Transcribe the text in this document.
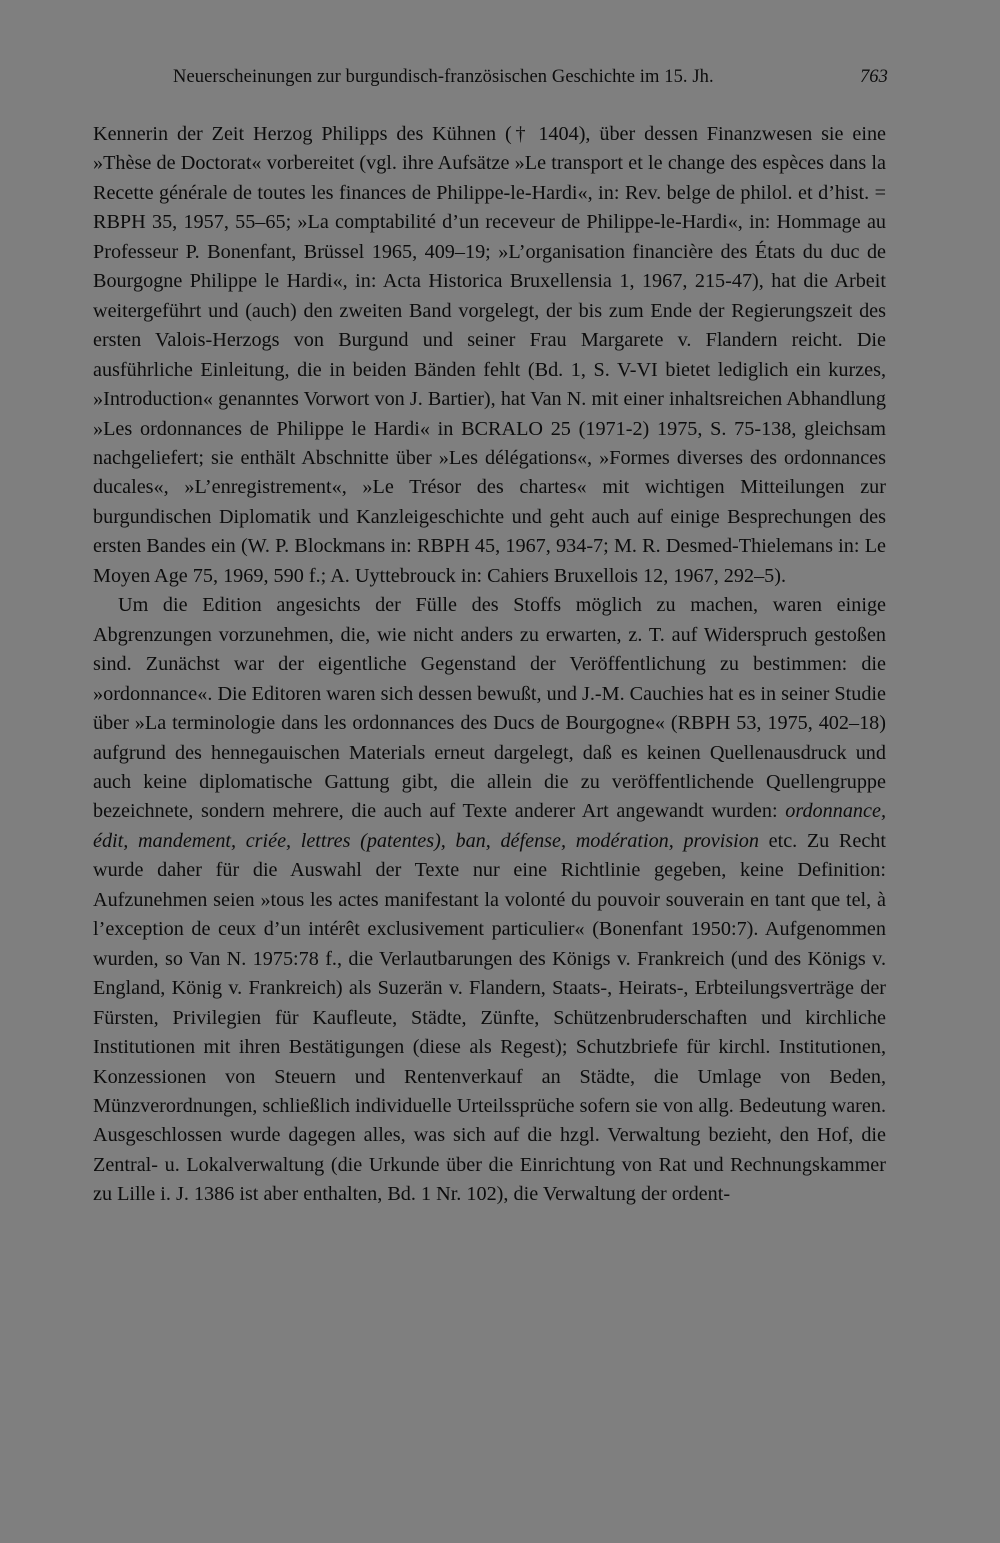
Neuerscheinungen zur burgundisch-französischen Geschichte im 15. Jh.	763

Kennerin der Zeit Herzog Philipps des Kühnen († 1404), über dessen Finanzwesen sie eine »Thèse de Doctorat« vorbereitet (vgl. ihre Aufsätze »Le transport et le change des espèces dans la Recette générale de toutes les finances de Philippe-le-Hardi«, in: Rev. belge de philol. et d’hist. = RBPH 35, 1957, 55–65; »La comptabilité d’un receveur de Philippe-le-Hardi«, in: Hommage au Professeur P. Bonenfant, Brüssel 1965, 409–19; »L’organisation financière des États du duc de Bourgogne Philippe le Hardi«, in: Acta Historica Bruxellensia 1, 1967, 215-47), hat die Arbeit weitergeführt und (auch) den zweiten Band vorgelegt, der bis zum Ende der Regierungszeit des ersten Valois-Herzogs von Burgund und seiner Frau Margarete v. Flandern reicht. Die ausführliche Einleitung, die in beiden Bänden fehlt (Bd. 1, S. V-VI bietet lediglich ein kurzes, »Introduction« genanntes Vorwort von J. Bartier), hat Van N. mit einer inhaltsreichen Abhandlung »Les ordonnances de Philippe le Hardi« in BCRALO 25 (1971-2) 1975, S. 75-138, gleichsam nachgeliefert; sie enthält Abschnitte über »Les délégations«, »Formes diverses des ordonnances ducales«, »L’enregistrement«, »Le Trésor des chartes« mit wichtigen Mitteilungen zur burgundischen Diplomatik und Kanzleigeschichte und geht auch auf einige Besprechungen des ersten Bandes ein (W. P. Blockmans in: RBPH 45, 1967, 934-7; M. R. Desmed-Thielemans in: Le Moyen Age 75, 1969, 590 f.; A. Uyttebrouck in: Cahiers Bruxellois 12, 1967, 292–5).

Um die Edition angesichts der Fülle des Stoffs möglich zu machen, waren einige Abgrenzungen vorzunehmen, die, wie nicht anders zu erwarten, z. T. auf Widerspruch gestoßen sind. Zunächst war der eigentliche Gegenstand der Veröffentlichung zu bestimmen: die »ordonnance«. Die Editoren waren sich dessen bewußt, und J.-M. Cauchies hat es in seiner Studie über »La terminologie dans les ordonnances des Ducs de Bourgogne« (RBPH 53, 1975, 402–18) aufgrund des hennegauischen Materials erneut dargelegt, daß es keinen Quellenausdruck und auch keine diplomatische Gattung gibt, die allein die zu veröffentlichende Quellengruppe bezeichnete, sondern mehrere, die auch auf Texte anderer Art angewandt wurden: ordonnance, édit, mandement, criée, lettres (patentes), ban, défense, modération, provision etc. Zu Recht wurde daher für die Auswahl der Texte nur eine Richtlinie gegeben, keine Definition: Aufzunehmen seien »tous les actes manifestant la volonté du pouvoir souverain en tant que tel, à l’exception de ceux d’un intérêt exclusivement particulier« (Bonenfant 1950:7). Aufgenommen wurden, so Van N. 1975:78 f., die Verlautbarungen des Königs v. Frankreich (und des Königs v. England, König v. Frankreich) als Suzerän v. Flandern, Staats-, Heirats-, Erbteilungsverträge der Fürsten, Privilegien für Kaufleute, Städte, Zünfte, Schützenbruderschaften und kirchliche Institutionen mit ihren Bestätigungen (diese als Regest); Schutzbriefe für kirchl. Institutionen, Konzessionen von Steuern und Rentenverkauf an Städte, die Umlage von Beden, Münzverordnungen, schließlich individuelle Urteilssprüche sofern sie von allg. Bedeutung waren. Ausgeschlossen wurde dagegen alles, was sich auf die hzgl. Verwaltung bezieht, den Hof, die Zentral- u. Lokalverwaltung (die Urkunde über die Einrichtung von Rat und Rechnungskammer zu Lille i. J. 1386 ist aber enthalten, Bd. 1 Nr. 102), die Verwaltung der ordent-
